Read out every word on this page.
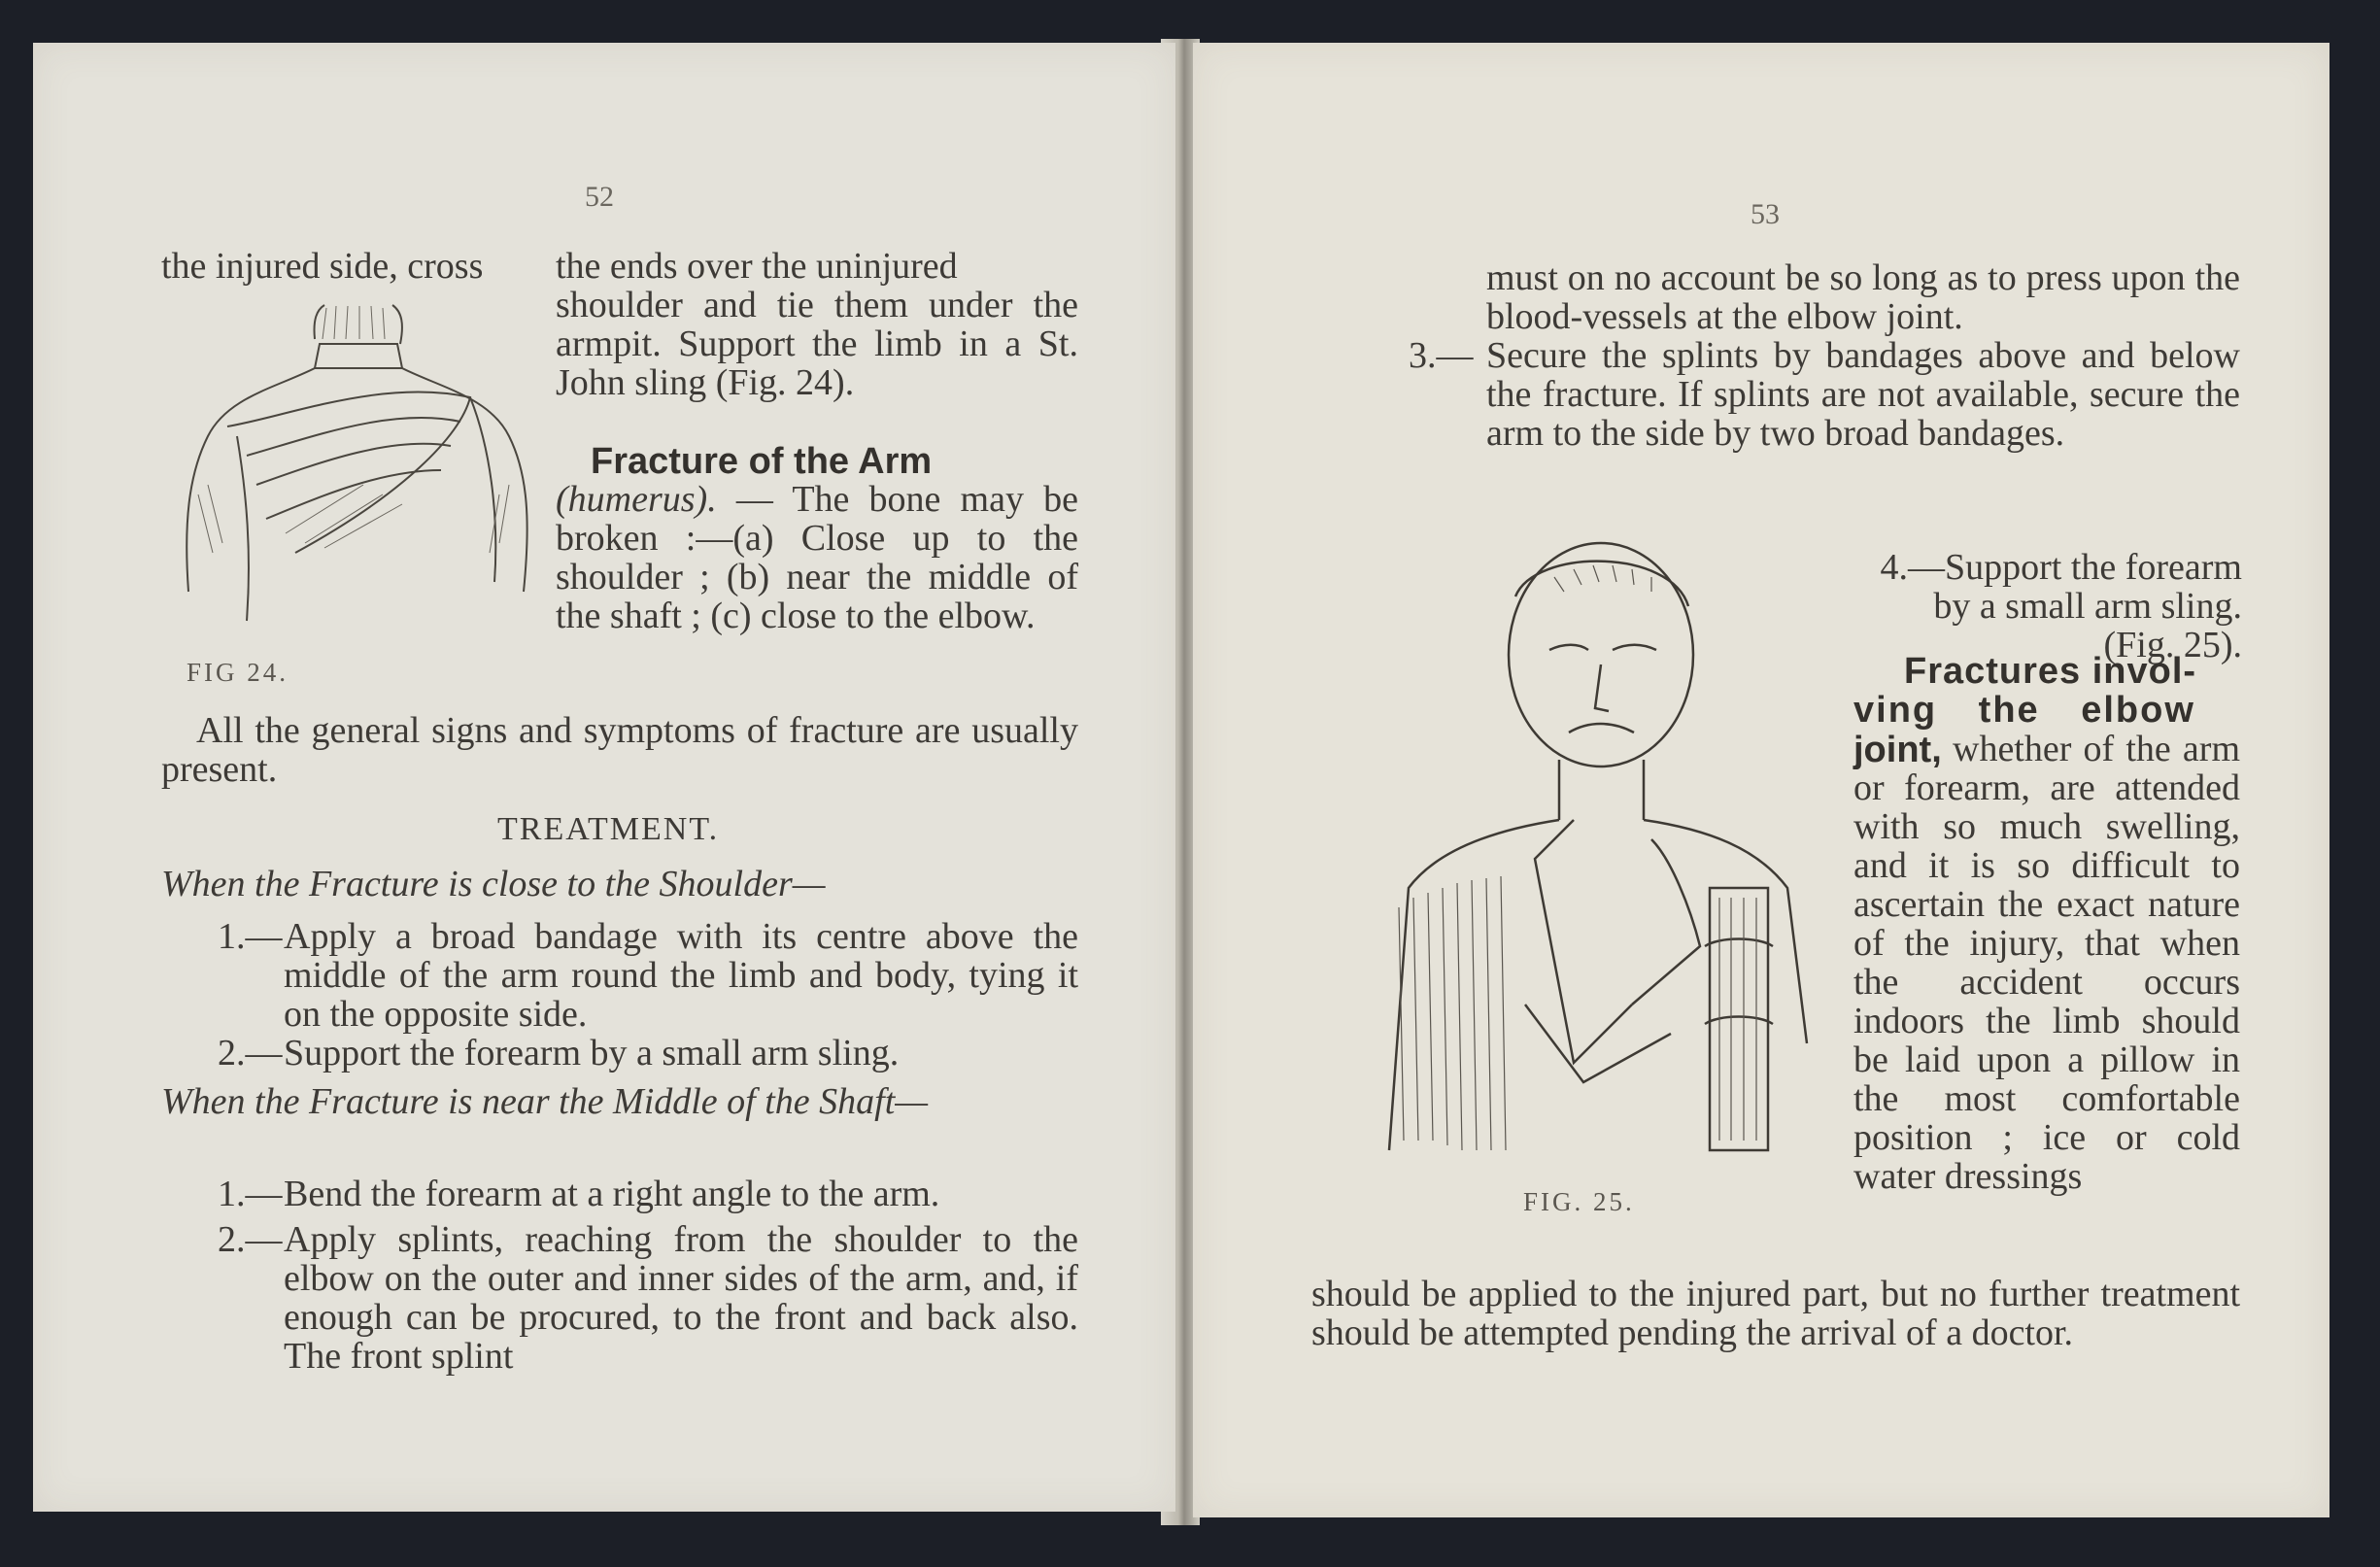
52
the injured side, cross the ends over the uninjured
FIG 24.

shoulder and tie them under the armpit. Support the limb in a St. John sling (Fig. 24).

Fracture of the Arm

(humerus). — The bone may be broken :—(a) Close up to the shoulder ; (b) near the middle of the shaft ; (c) close to the elbow.

All the general signs and symptoms of fracture are usually present.

TREATMENT.

When the Fracture is close to the Shoulder—

1.— Apply a broad bandage with its centre above the middle of the arm round the limb and body, tying it on the opposite side.

2.— Support the forearm by a small arm sling.

When the Fracture is near the Middle of the Shaft—

1.— Bend the forearm at a right angle to the arm.

2.— Apply splints, reaching from the shoulder to the elbow on the outer and inner sides of the arm, and, if enough can be procured, to the front and back also. The front splint

53

must on no account be so long as to press upon the blood-vessels at the elbow joint.

3.— Secure the splints by bandages above and below the fracture. If splints are not available, secure the arm to the side by two broad bandages.

FIG. 25.

4.—Support the forearm by a small arm sling. (Fig. 25).

Fractures invol-
ving the elbow
joint, whether of the arm or forearm, are attended with so much swelling, and it is so difficult to ascertain the exact nature of the injury, that when the accident occurs indoors the limb should be laid upon a pillow in the most comfortable position ; ice or cold water dressings

should be applied to the injured part, but no further treatment should be attempted pending the arrival of a doctor.
